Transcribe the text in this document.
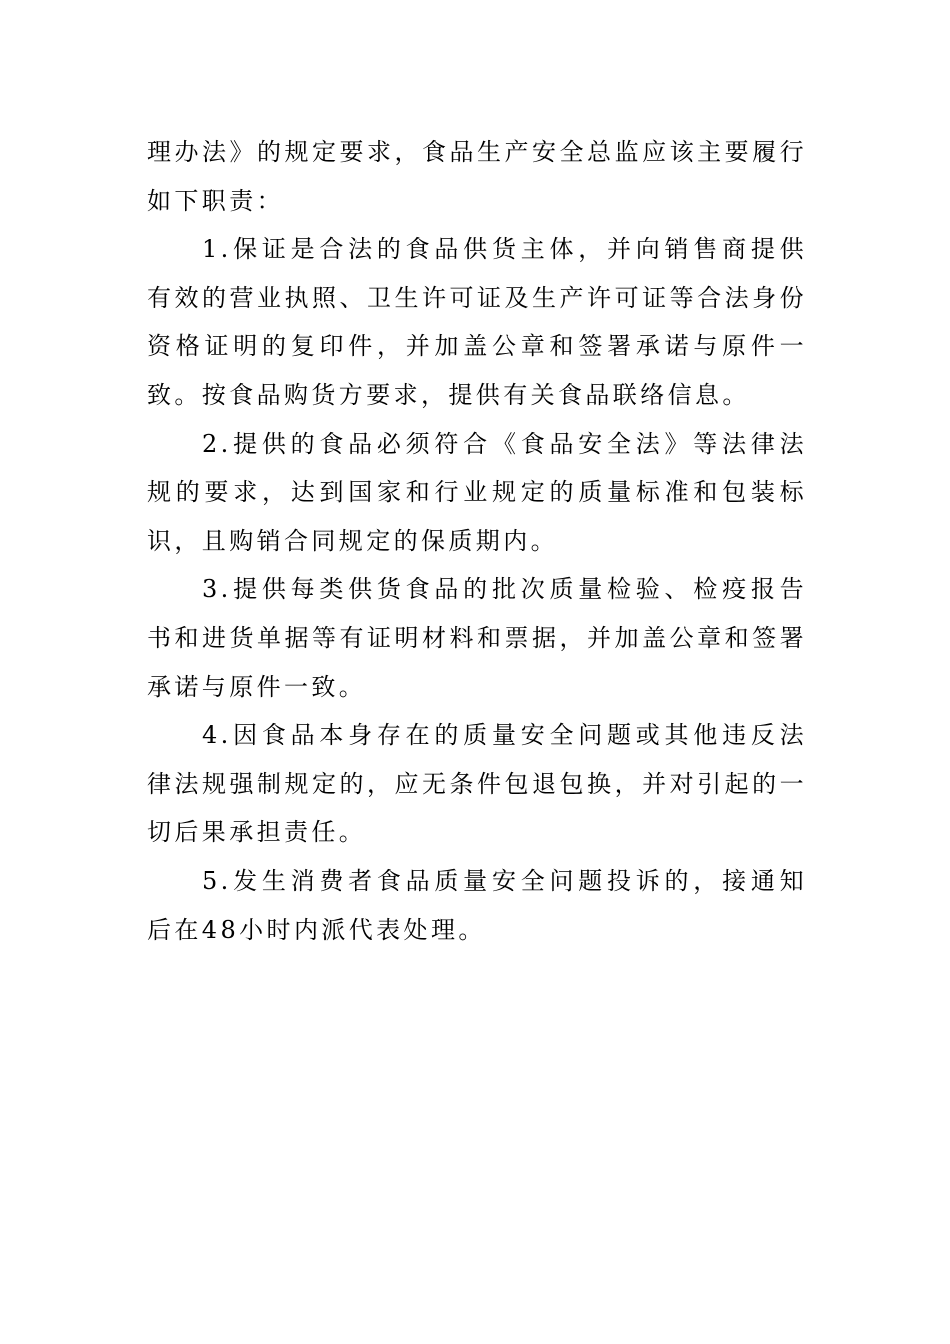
理办法》的规定要求，食品生产安全总监应该主要履行如下职责：

1.保证是合法的食品供货主体，并向销售商提供有效的营业执照、卫生许可证及生产许可证等合法身份资格证明的复印件，并加盖公章和签署承诺与原件一致。按食品购货方要求，提供有关食品联络信息。

2.提供的食品必须符合《食品安全法》等法律法规的要求，达到国家和行业规定的质量标准和包装标识，且购销合同规定的保质期内。

3.提供每类供货食品的批次质量检验、检疫报告书和进货单据等有证明材料和票据，并加盖公章和签署承诺与原件一致。

4.因食品本身存在的质量安全问题或其他违反法律法规强制规定的，应无条件包退包换，并对引起的一切后果承担责任。

5.发生消费者食品质量安全问题投诉的，接通知后在48小时内派代表处理。
